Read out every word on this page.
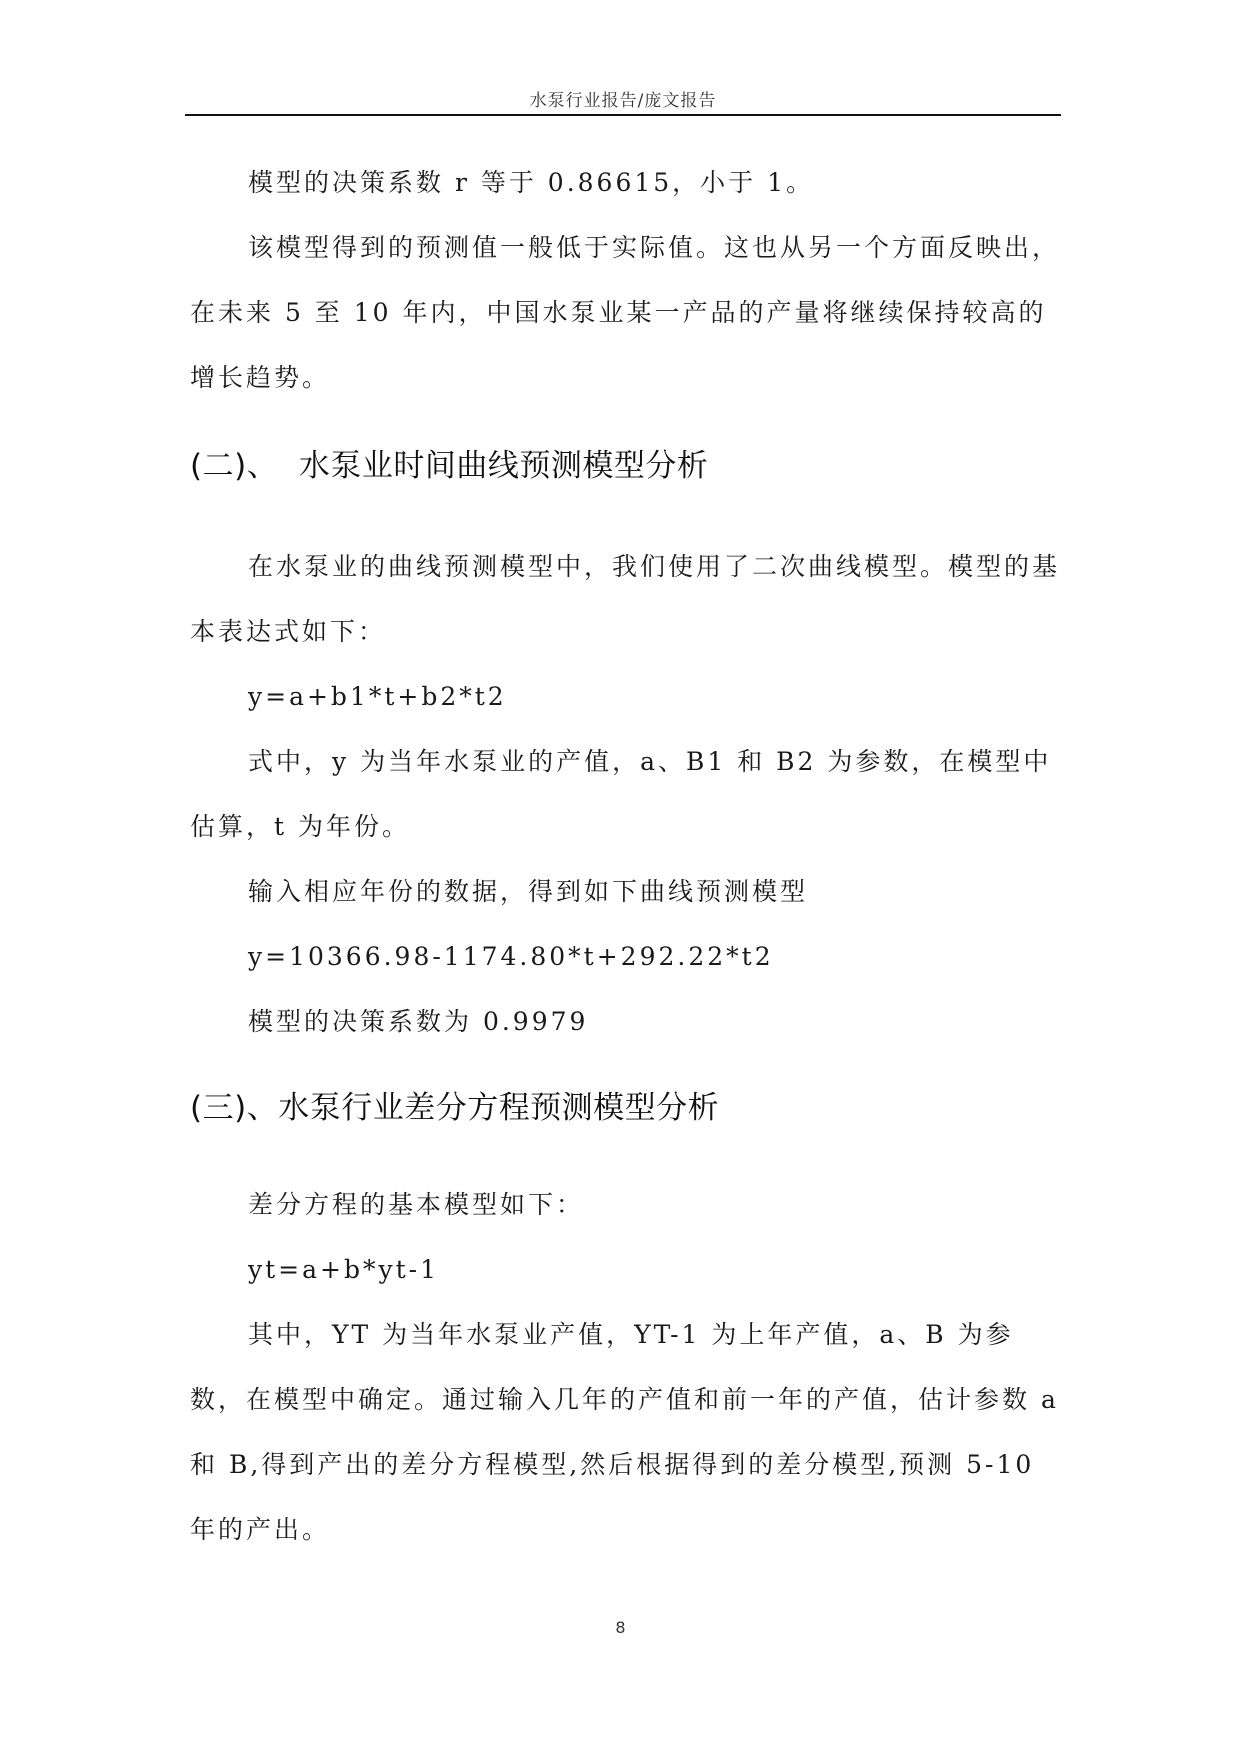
水泵行业报告/庞文报告

模型的决策系数 r 等于 0.86615，小于 1。

该模型得到的预测值一般低于实际值。这也从另一个方面反映出，在未来 5 至 10 年内，中国水泵业某一产品的产量将继续保持较高的增长趋势。

(二)、  水泵业时间曲线预测模型分析

在水泵业的曲线预测模型中，我们使用了二次曲线模型。模型的基本表达式如下：

y=a+b1*t+b2*t2

式中，y 为当年水泵业的产值，a、B1 和 B2 为参数，在模型中估算，t 为年份。

输入相应年份的数据，得到如下曲线预测模型

y=10366.98-1174.80*t+292.22*t2

模型的决策系数为 0.9979

(三)、水泵行业差分方程预测模型分析

差分方程的基本模型如下：

yt=a+b*yt-1

其中，YT 为当年水泵业产值，YT-1 为上年产值，a、B 为参数，在模型中确定。通过输入几年的产值和前一年的产值，估计参数 a 和 B,得到产出的差分方程模型,然后根据得到的差分模型,预测 5-10 年的产出。

8
